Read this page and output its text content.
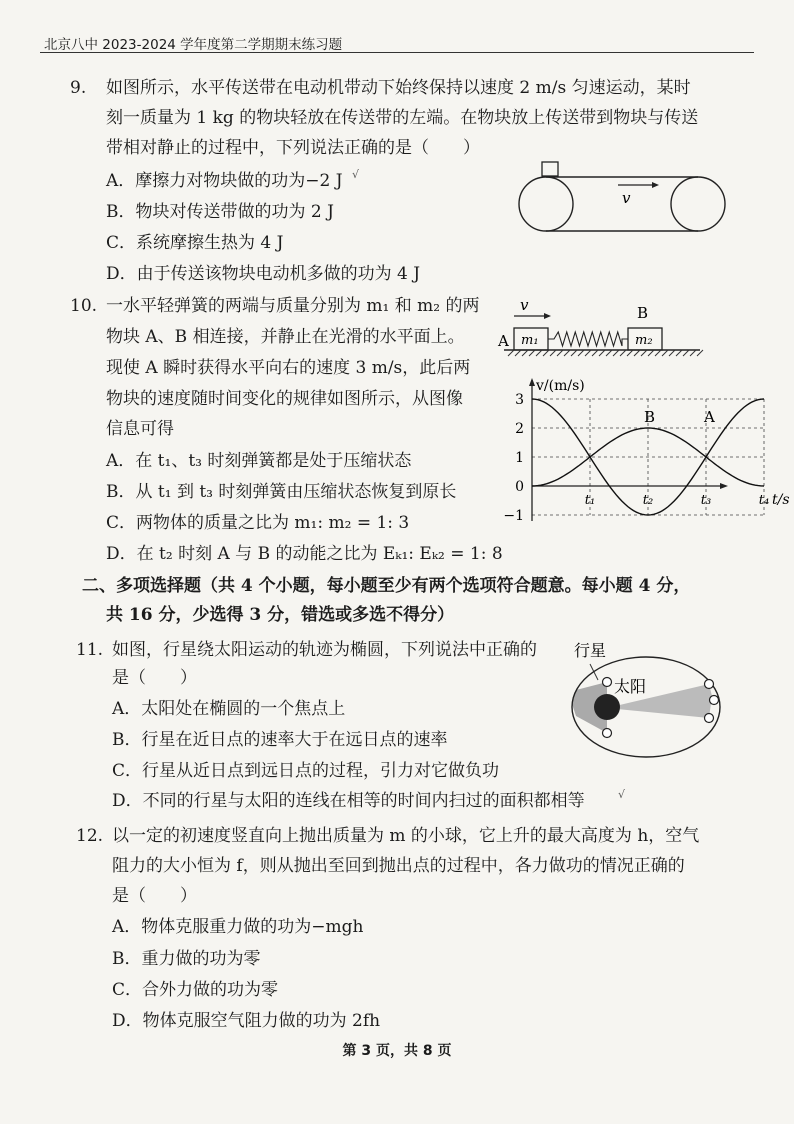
北京八中 2023-2024 学年度第二学期期末练习题
9. 如图所示，水平传送带在电动机带动下始终保持以速度 2 m/s 匀速运动，某时
刻一质量为 1 kg 的物块轻放在传送带的左端。在物块放上传送带到物块与传送
带相对静止的过程中，下列说法正确的是（　　）
A．摩擦力对物块做的功为−2 J
B．物块对传送带做的功为 2 J
C．系统摩擦生热为 4 J
D．由于传送该物块电动机多做的功为 4 J
√
v
10. 一水平轻弹簧的两端与质量分别为 m₁ 和 m₂ 的两
物块 A、B 相连接，并静止在光滑的水平面上。
现使 A 瞬时获得水平向右的速度 3 m/s，此后两
物块的速度随时间变化的规律如图所示，从图像
信息可得
A．在 t₁、t₃ 时刻弹簧都是处于压缩状态
B．从 t₁ 到 t₃ 时刻弹簧由压缩状态恢复到原长
C．两物体的质量之比为 m₁: m₂ = 1: 3
D．在 t₂ 时刻 A 与 B 的动能之比为 Eₖ₁: Eₖ₂ = 1: 8
v
A m₁
B
m₂
v/(m/s)
t/s
3
2
1
0
−1
t₁	t₂	t₃	t₄
B	A
二、多项选择题（共 4 个小题，每小题至少有两个选项符合题意。每小题 4 分，
共 16 分，少选得 3 分，错选或多选不得分）
11. 如图，行星绕太阳运动的轨迹为椭圆，下列说法中正确的
是（　　）
A．太阳处在椭圆的一个焦点上
B．行星在近日点的速率大于在远日点的速率
C．行星从近日点到远日点的过程，引力对它做负功
D．不同的行星与太阳的连线在相等的时间内扫过的面积都相等	√
行星
太阳
12. 以一定的初速度竖直向上抛出质量为 m 的小球，它上升的最大高度为 h，空气
阻力的大小恒为 f，则从抛出至回到抛出点的过程中，各力做功的情况正确的
是（　　）
A．物体克服重力做的功为−mgh
B．重力做的功为零
C．合外力做的功为零
D．物体克服空气阻力做的功为 2fh
第 3 页，共 8 页
